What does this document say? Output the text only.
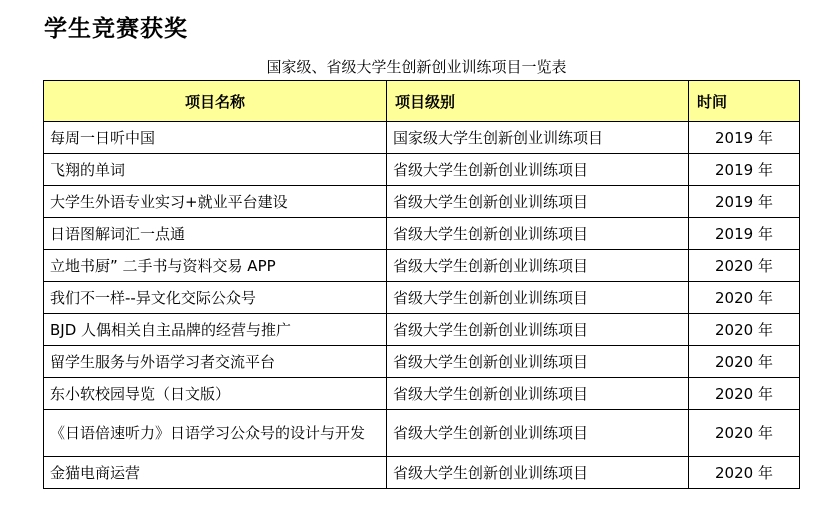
学生竞赛获奖
国家级、省级大学生创新创业训练项目一览表
项目名称	项目级别	时间
每周一日听中国	国家级大学生创新创业训练项目	2019 年
飞翔的单词	省级大学生创新创业训练项目	2019 年
大学生外语专业实习+就业平台建设	省级大学生创新创业训练项目	2019 年
日语图解词汇一点通	省级大学生创新创业训练项目	2019 年
立地书厨” 二手书与资料交易 APP	省级大学生创新创业训练项目	2020 年
我们不一样--异文化交际公众号	省级大学生创新创业训练项目	2020 年
BJD 人偶相关自主品牌的经营与推广	省级大学生创新创业训练项目	2020 年
留学生服务与外语学习者交流平台	省级大学生创新创业训练项目	2020 年
东小软校园导览（日文版）	省级大学生创新创业训练项目	2020 年
《日语倍速听力》日语学习公众号的设计与开发	省级大学生创新创业训练项目	2020 年
金猫电商运营	省级大学生创新创业训练项目	2020 年
